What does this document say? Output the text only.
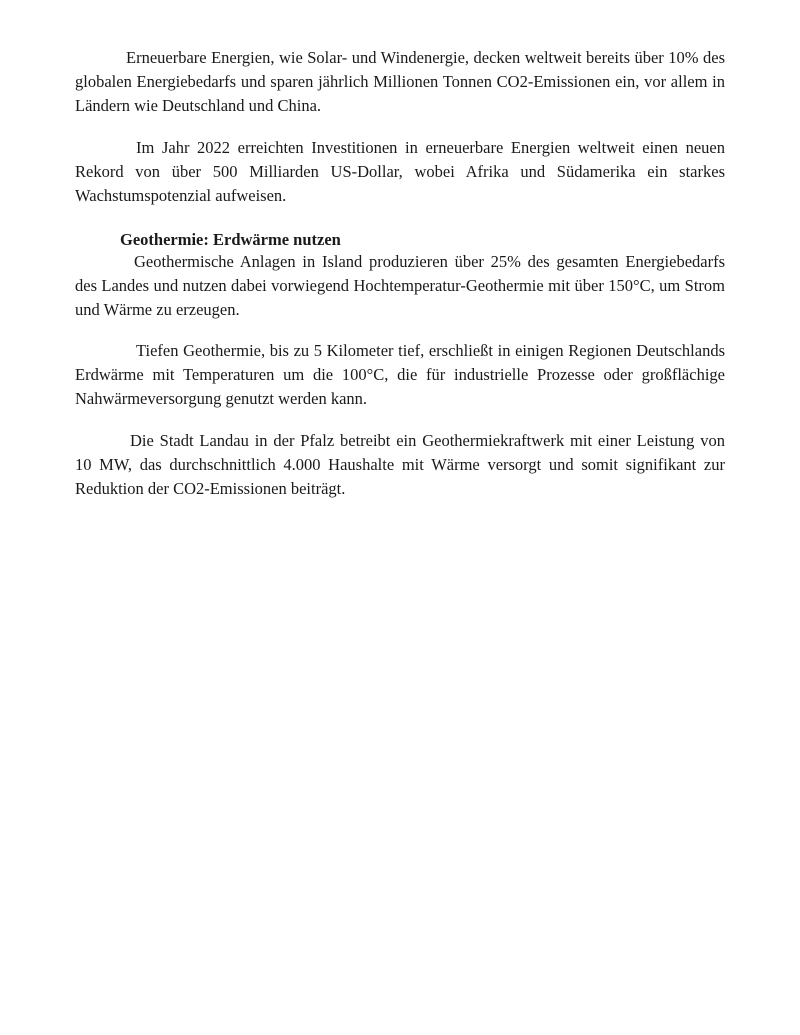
Erneuerbare Energien, wie Solar- und Windenergie, decken weltweit bereits über 10% des globalen Energiebedarfs und sparen jährlich Millionen Tonnen CO2-Emissionen ein, vor allem in Ländern wie Deutschland und China.

Im Jahr 2022 erreichten Investitionen in erneuerbare Energien weltweit einen neuen Rekord von über 500 Milliarden US-Dollar, wobei Afrika und Südamerika ein starkes Wachstumspotenzial aufweisen.

Geothermie: Erdwärme nutzen

Geothermische Anlagen in Island produzieren über 25% des gesamten Energiebedarfs des Landes und nutzen dabei vorwiegend Hochtemperatur-Geothermie mit über 150°C, um Strom und Wärme zu erzeugen.

Tiefen Geothermie, bis zu 5 Kilometer tief, erschließt in einigen Regionen Deutschlands Erdwärme mit Temperaturen um die 100°C, die für industrielle Prozesse oder großflächige Nahwärmeversorgung genutzt werden kann.

Die Stadt Landau in der Pfalz betreibt ein Geothermiekraftwerk mit einer Leistung von 10 MW, das durchschnittlich 4.000 Haushalte mit Wärme versorgt und somit signifikant zur Reduktion der CO2-Emissionen beiträgt.
